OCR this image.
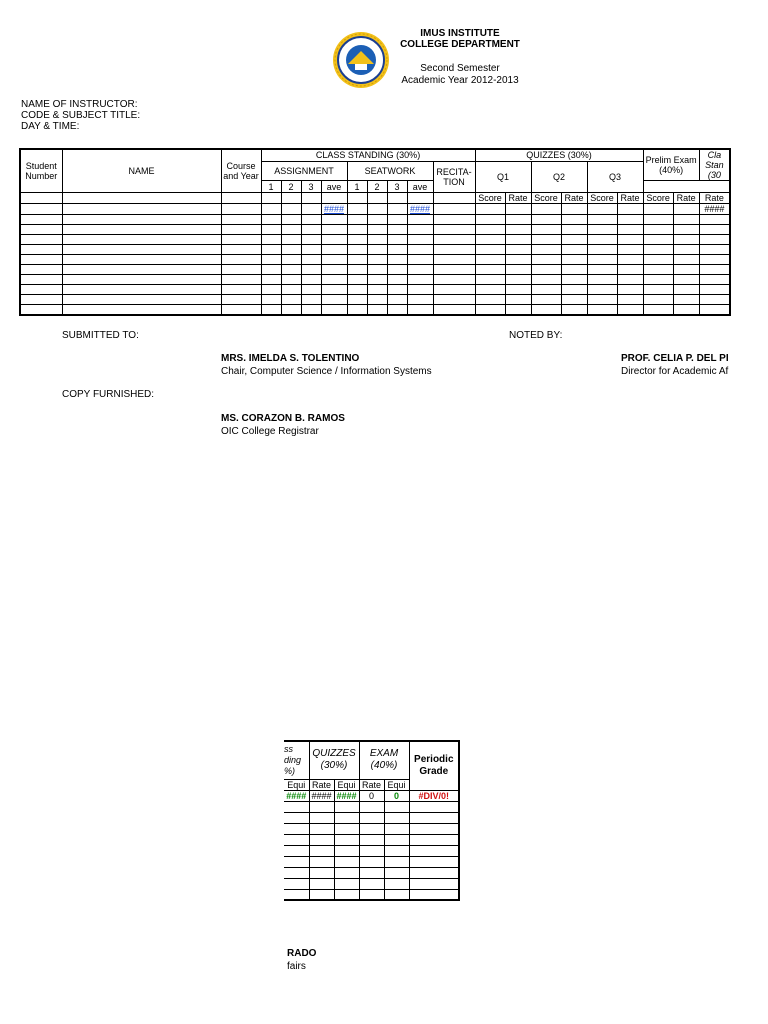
IMUS INSTITUTE
COLLEGE DEPARTMENT
Second Semester
Academic Year 2012-2013
NAME OF INSTRUCTOR:
CODE & SUBJECT TITLE:
DAY & TIME:
Student Number	NAME	Course and Year	CLASS STANDING (30%)									QUIZZES (30%)						Prelim Exam (40%)		Cla Stan (30
			ASSIGNMENT				SEATWORK				RECITA-TION	Q1		Q2		Q3				
			1	2	3	ave	1	2	3	ave										
												Score	Rate	Score	Rate	Score	Rate	Score	Rate	Rate
						####				####										####

SUBMITTED TO:	NOTED BY:
MRS. IMELDA S. TOLENTINO
Chair, Computer Science / Information Systems
PROF. CELIA P. DEL PI
Director for Academic Af
COPY FURNISHED:
MS. CORAZON B. RAMOS
OIC College Registrar
ss
ding
%)	QUIZZES (30%)		EXAM (40%)		Periodic Grade
Equi	Rate	Equi	Rate	Equi	
####	####	####	0	0	#DIV/0!

RADO
fairs
